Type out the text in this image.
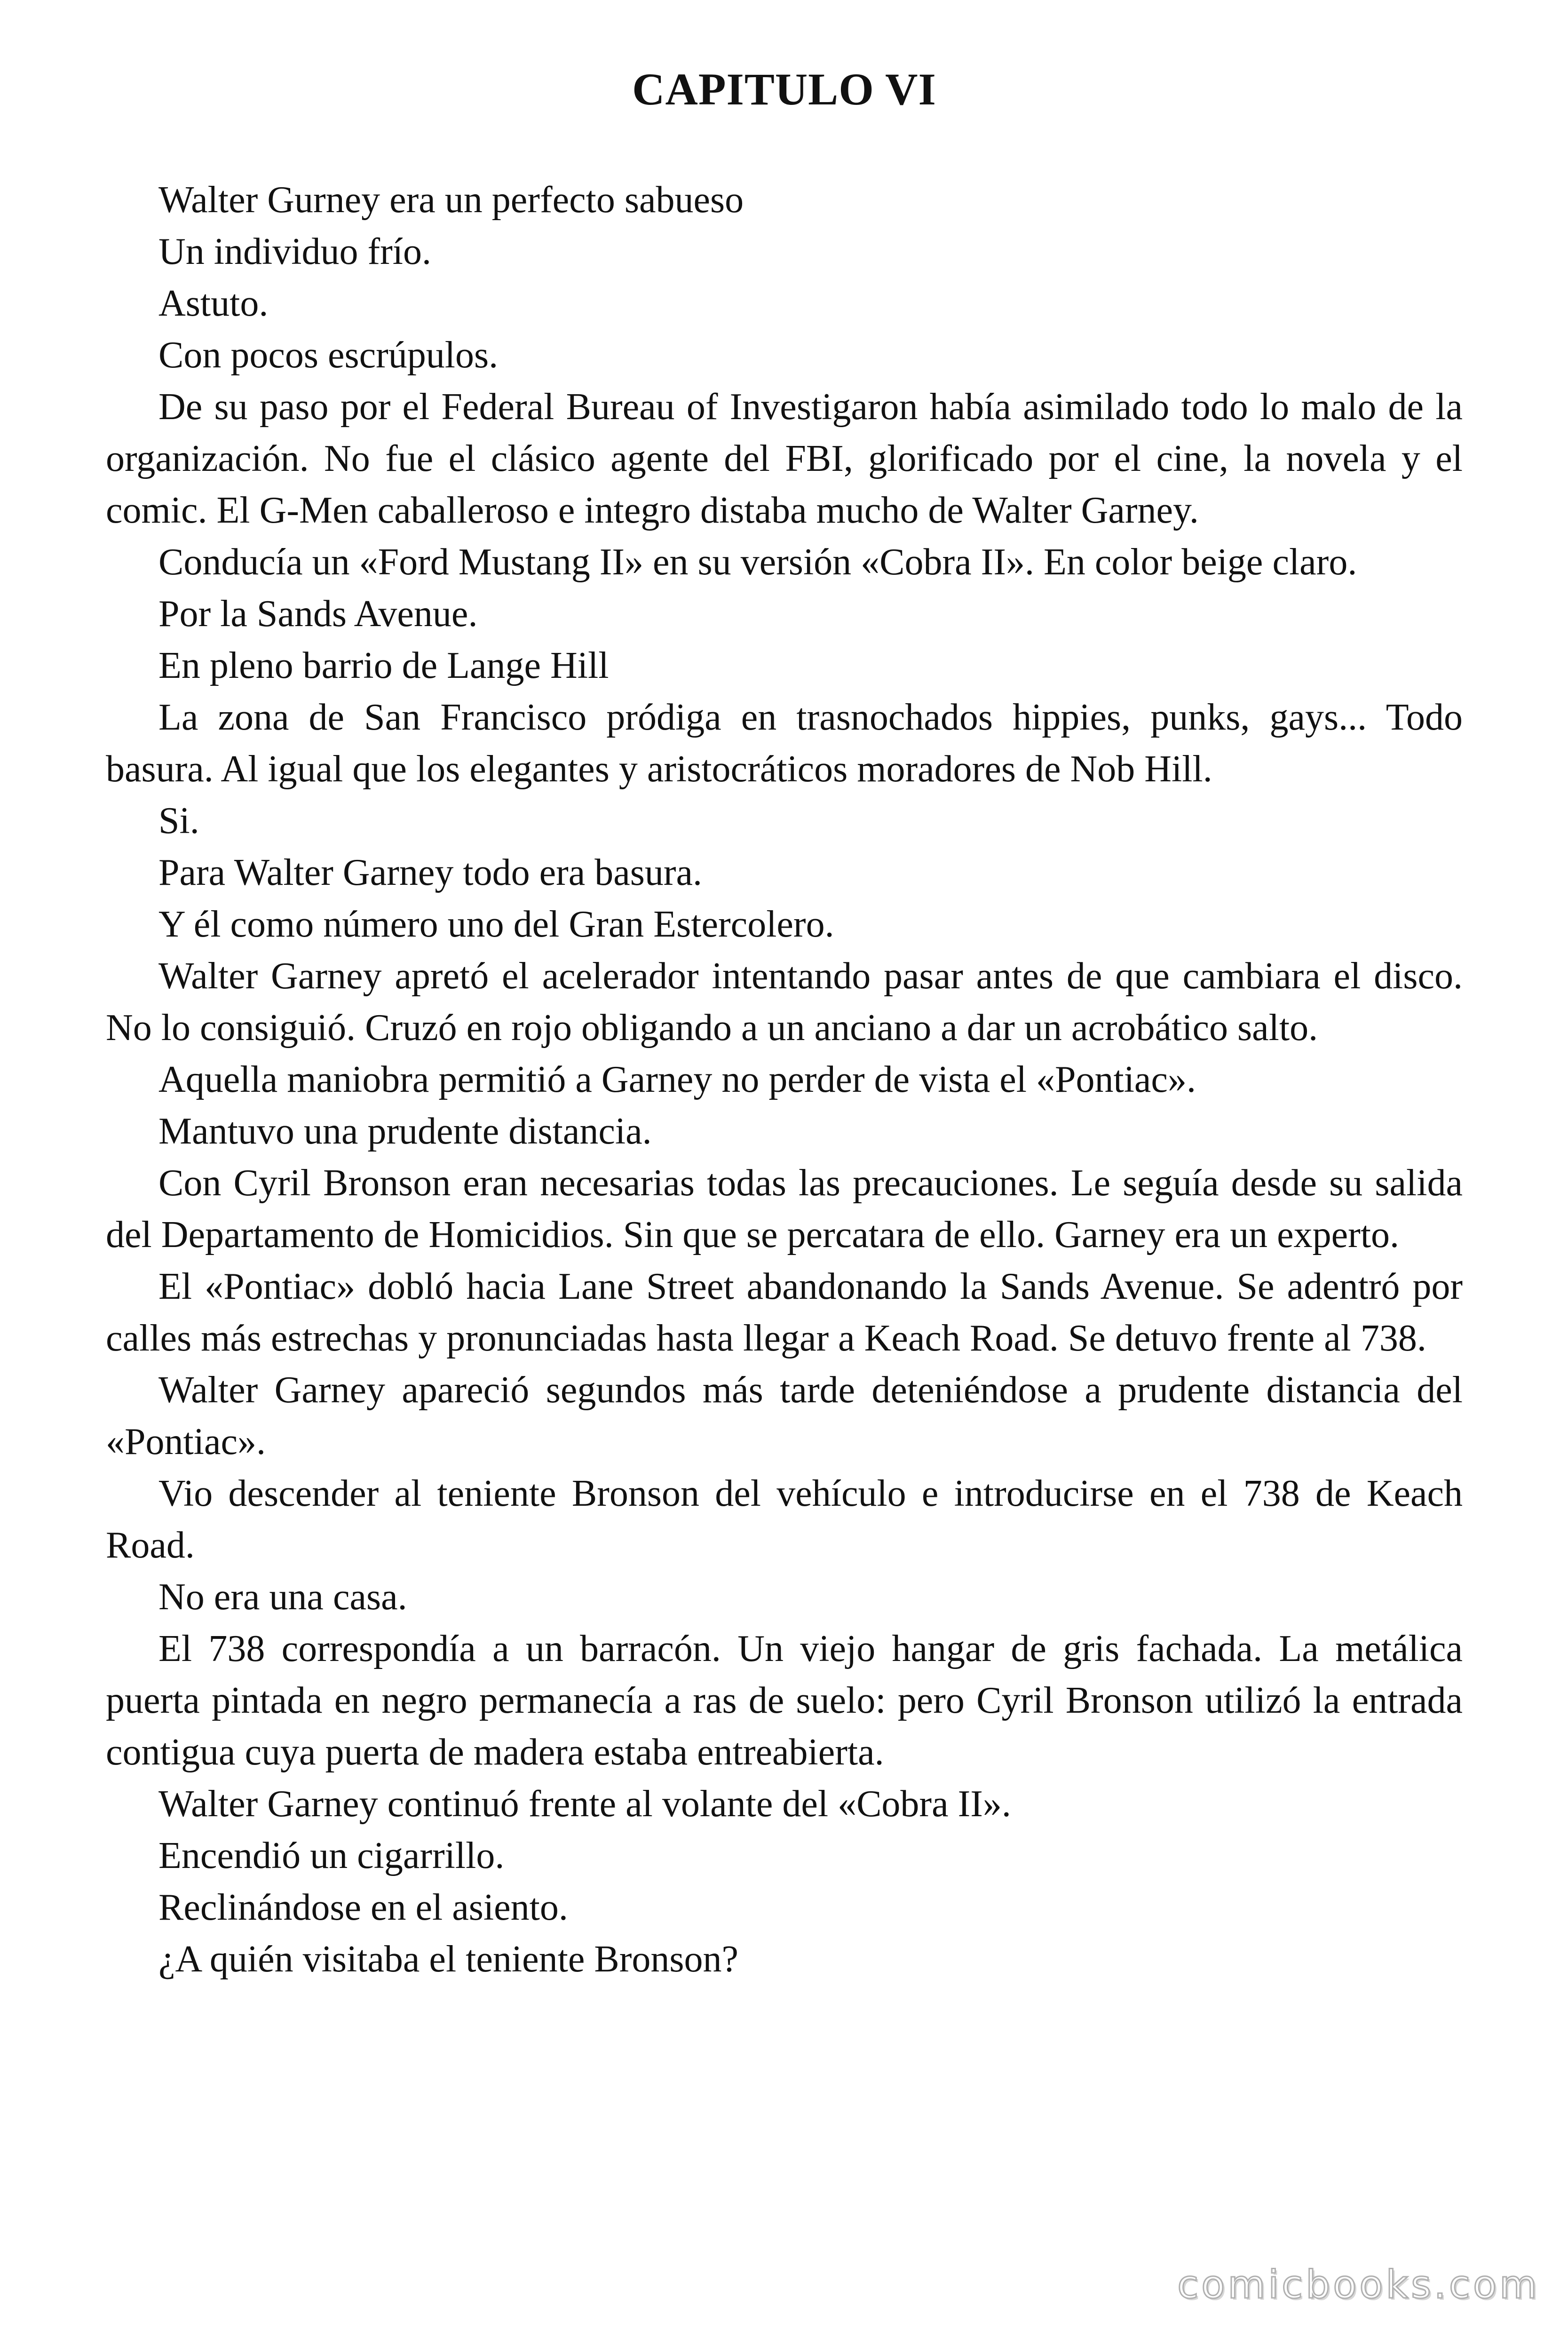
CAPITULO VI

Walter Gurney era un perfecto sabueso

Un individuo frío.

Astuto.

Con pocos escrúpulos.

De su paso por el Federal Bureau of Investigaron había asimilado todo lo malo de la organización. No fue el clásico agente del FBI, glorificado por el cine, la novela y el comic. El G-Men caballeroso e integro distaba mucho de Walter Garney.

Conducía un «Ford Mustang II» en su versión «Cobra II». En color beige claro.

Por la Sands Avenue.

En pleno barrio de Lange Hill

La zona de San Francisco pródiga en trasnochados hippies, punks, gays... Todo basura. Al igual que los elegantes y aristocráticos moradores de Nob Hill.

Si.

Para Walter Garney todo era basura.

Y él como número uno del Gran Estercolero.

Walter Garney apretó el acelerador intentando pasar antes de que cambiara el disco. No lo consiguió. Cruzó en rojo obligando a un anciano a dar un acrobático salto.

Aquella maniobra permitió a Garney no perder de vista el «Pontiac».

Mantuvo una prudente distancia.

Con Cyril Bronson eran necesarias todas las precauciones. Le seguía desde su salida del Departamento de Homicidios. Sin que se percatara de ello. Garney era un experto.

El «Pontiac» dobló hacia Lane Street abandonando la Sands Avenue. Se adentró por calles más estrechas y pronunciadas hasta llegar a Keach Road. Se detuvo frente al 738.

Walter Garney apareció segundos más tarde deteniéndose a prudente distancia del «Pontiac».

Vio descender al teniente Bronson del vehículo e introducirse en el 738 de Keach Road.

No era una casa.

El 738 correspondía a un barracón. Un viejo hangar de gris fachada. La metálica puerta pintada en negro permanecía a ras de suelo: pero Cyril Bronson utilizó la entrada contigua cuya puerta de madera estaba entreabierta.

Walter Garney continuó frente al volante del «Cobra II».

Encendió un cigarrillo.

Reclinándose en el asiento.

¿A quién visitaba el teniente Bronson?

comicbooks.com
